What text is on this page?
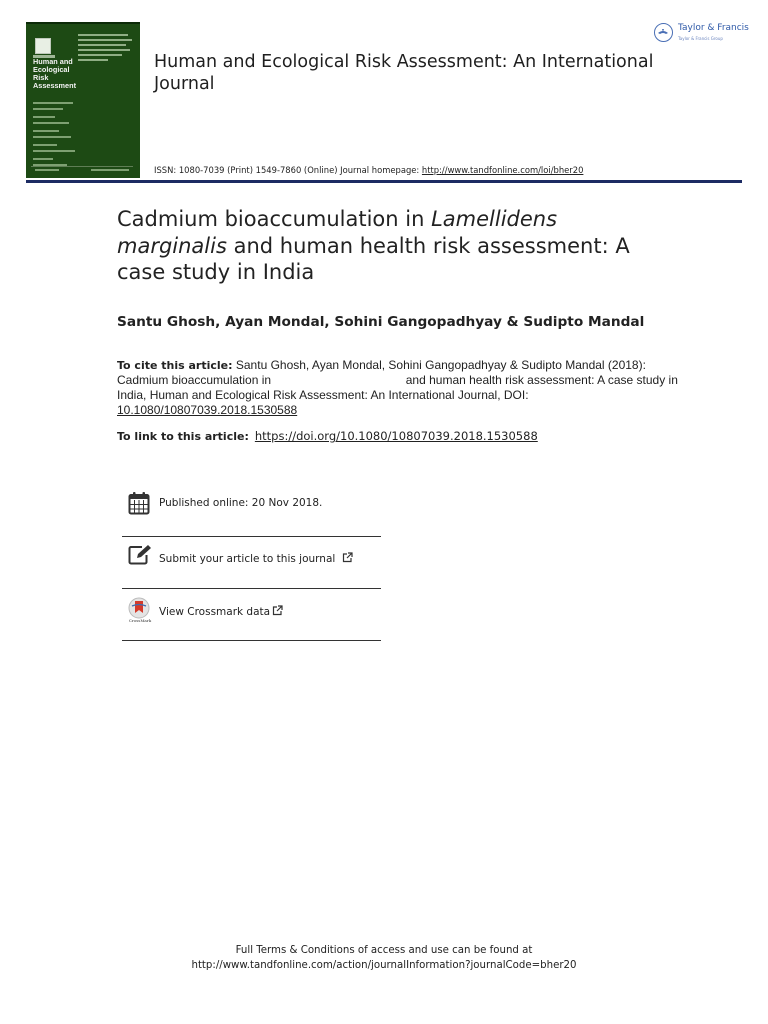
Human and
Ecological
Risk
Assessment
Human and Ecological Risk Assessment: An International Journal
ISSN: 1080-7039 (Print) 1549-7860 (Online) Journal homepage: http://www.tandfonline.com/loi/bher20
Taylor & Francis
Taylor & Francis Group
Cadmium bioaccumulation in Lamellidens
marginalis and human health risk assessment: A case study in India
Santu Ghosh, Ayan Mondal, Sohini Gangopadhyay & Sudipto Mandal
To cite this article: Santu Ghosh, Ayan Mondal, Sohini Gangopadhyay & Sudipto Mandal (2018): Cadmium bioaccumulation in	and human health risk assessment: A case study in India, Human and Ecological Risk Assessment: An International Journal, DOI: 10.1080/10807039.2018.1530588
To link to this article: https://doi.org/10.1080/10807039.2018.1530588
Published online: 20 Nov 2018.
Submit your article to this journal
CrossMark
View Crossmark data
Full Terms & Conditions of access and use can be found at
http://www.tandfonline.com/action/journalInformation?journalCode=bher20
